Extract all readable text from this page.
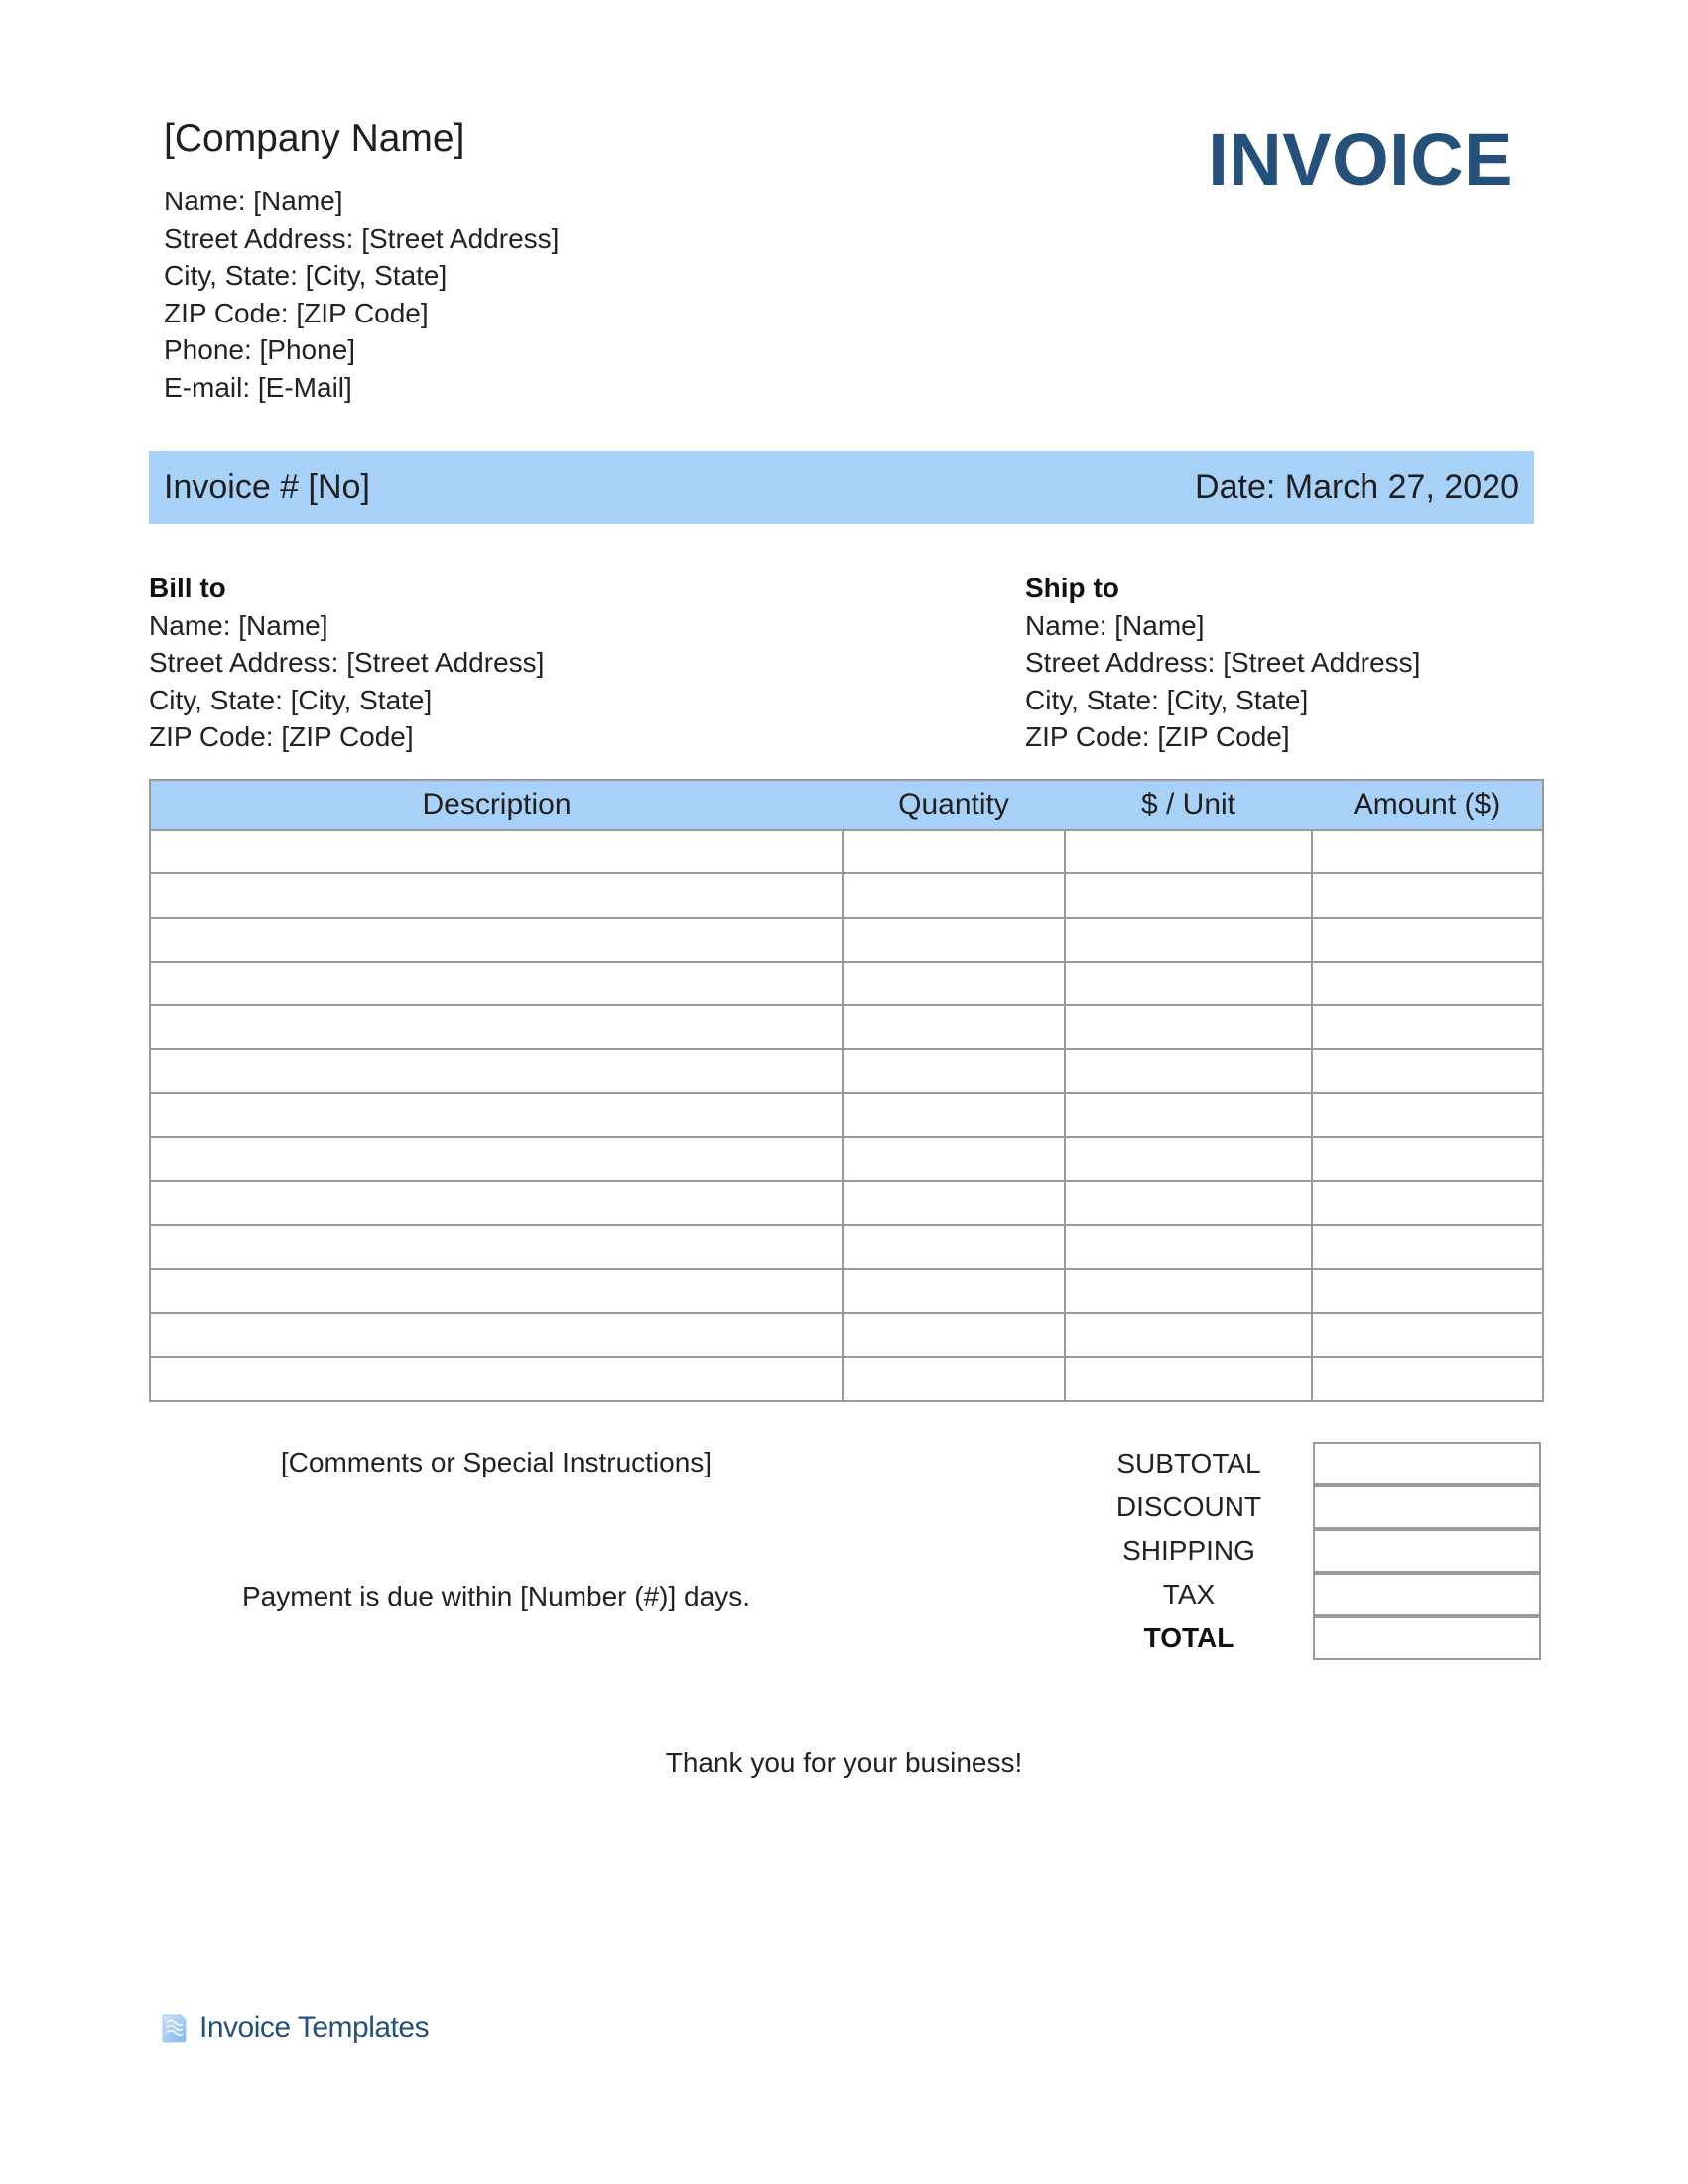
[Company Name]	INVOICE
Name: [Name]
Street Address: [Street Address]
City, State: [City, State]
ZIP Code: [ZIP Code]
Phone: [Phone]
E-mail: [E-Mail]
Invoice # [No]	Date: March 27, 2020
Bill to
Name: [Name]
Street Address: [Street Address]
City, State: [City, State]
ZIP Code: [ZIP Code]
Ship to
Name: [Name]
Street Address: [Street Address]
City, State: [City, State]
ZIP Code: [ZIP Code]
Description	Quantity	$ / Unit	Amount ($)

[Comments or Special Instructions]
Payment is due within [Number (#)] days.
SUBTOTAL
DISCOUNT
SHIPPING
TAX
TOTAL
Thank you for your business!
Invoice Templates
